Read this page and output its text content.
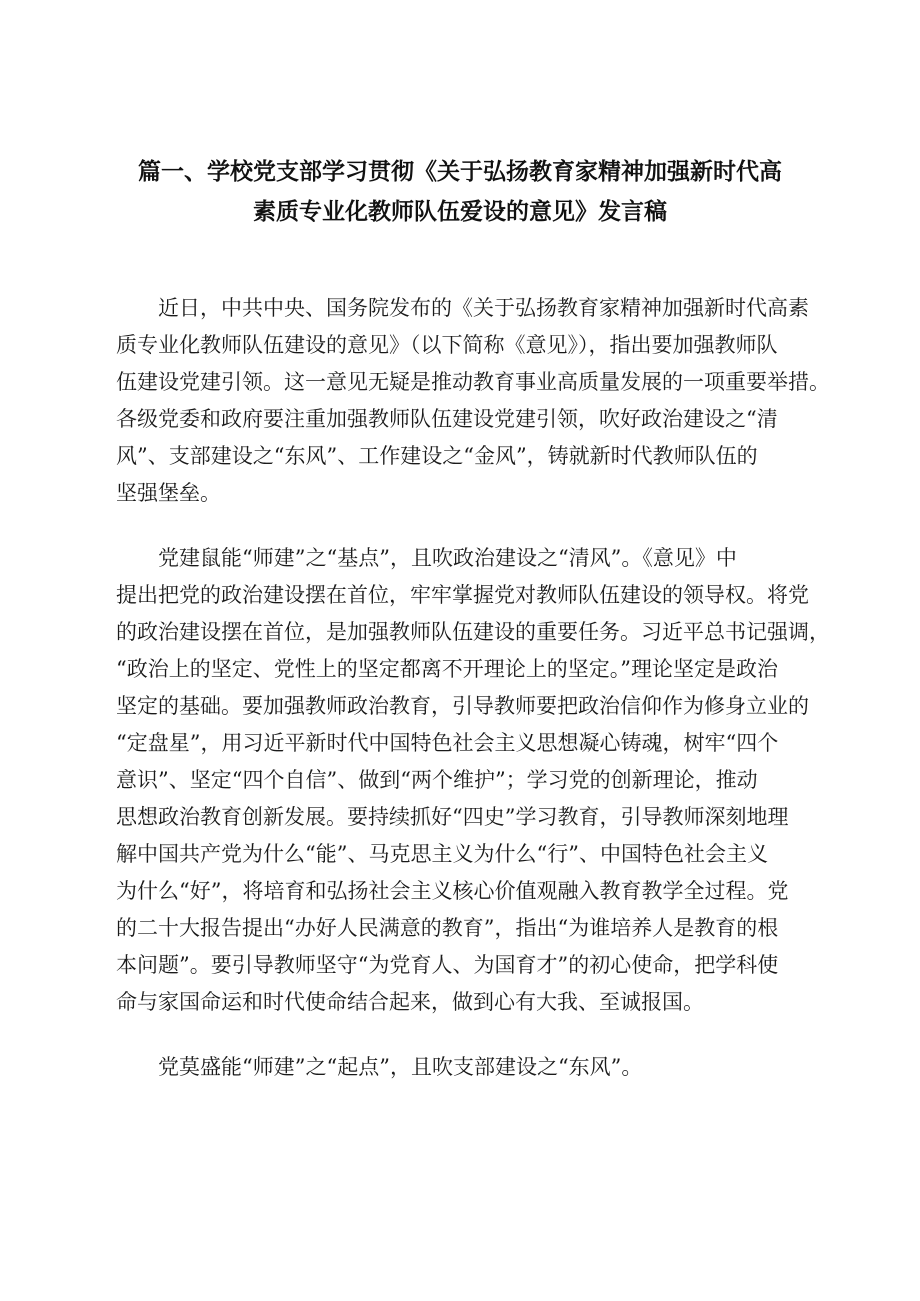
篇一、学校党支部学习贯彻《关于弘扬教育家精神加强新时代高
素质专业化教师队伍爱设的意见》发言稿

近日，中共中央、国务院发布的《关于弘扬教育家精神加强新时代高素
质专业化教师队伍建设的意见》（以下简称《意见》），指出要加强教师队
伍建设党建引领。这一意见无疑是推动教育事业高质量发展的一项重要举措。
各级党委和政府要注重加强教师队伍建设党建引领，吹好政治建设之“清
风”、支部建设之“东风”、工作建设之“金风”，铸就新时代教师队伍的
坚强堡垒。

党建鼠能“师建”之“基点”，且吹政治建设之“清风”。《意见》中
提出把党的政治建设摆在首位，牢牢掌握党对教师队伍建设的领导权。将党
的政治建设摆在首位，是加强教师队伍建设的重要任务。习近平总书记强调，
“政治上的坚定、党性上的坚定都离不开理论上的坚定。”理论坚定是政治
坚定的基础。要加强教师政治教育，引导教师要把政治信仰作为修身立业的
“定盘星”，用习近平新时代中国特色社会主义思想凝心铸魂，树牢“四个
意识”、坚定“四个自信”、做到“两个维护”；学习党的创新理论，推动
思想政治教育创新发展。要持续抓好“四史”学习教育，引导教师深刻地理
解中国共产党为什么“能”、马克思主义为什么“行”、中国特色社会主义
为什么“好”，将培育和弘扬社会主义核心价值观融入教育教学全过程。党
的二十大报告提出“办好人民满意的教育”，指出“为谁培养人是教育的根
本问题”。要引导教师坚守“为党育人、为国育才”的初心使命，把学科使
命与家国命运和时代使命结合起来，做到心有大我、至诚报国。

党莫盛能“师建”之“起点”，且吹支部建设之“东风”。
